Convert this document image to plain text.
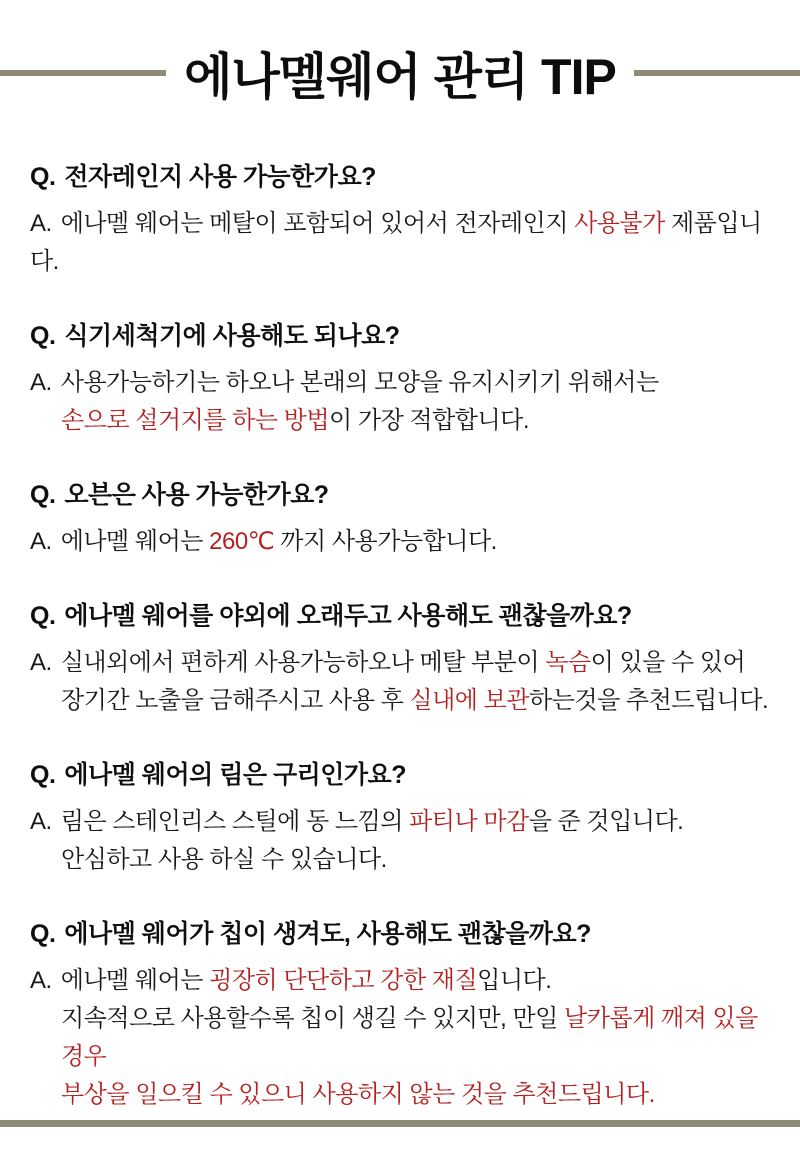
에나멜웨어 관리 TIP
Q. 전자레인지 사용 가능한가요?
A. 에나멜 웨어는 메탈이 포함되어 있어서 전자레인지 사용불가 제품입니다.
Q. 식기세척기에 사용해도 되나요?
A. 사용가능하기는 하오나 본래의 모양을 유지시키기 위해서는
손으로 설거지를 하는 방법이 가장 적합합니다.
Q. 오븐은 사용 가능한가요?
A. 에나멜 웨어는 260℃ 까지 사용가능합니다.
Q. 에나멜 웨어를 야외에 오래두고 사용해도 괜찮을까요?
A. 실내외에서 편하게 사용가능하오나 메탈 부분이 녹슴이 있을 수 있어
장기간 노출을 금해주시고 사용 후 실내에 보관하는것을 추천드립니다.
Q. 에나멜 웨어의 림은 구리인가요?
A. 림은 스테인리스 스틸에 동 느낌의 파티나 마감을 준 것입니다.
안심하고 사용 하실 수 있습니다.
Q. 에나멜 웨어가 칩이 생겨도, 사용해도 괜찮을까요?
A. 에나멜 웨어는 굉장히 단단하고 강한 재질입니다.
지속적으로 사용할수록 칩이 생길 수 있지만, 만일 날카롭게 깨져 있을 경우
부상을 일으킬 수 있으니 사용하지 않는 것을 추천드립니다.
